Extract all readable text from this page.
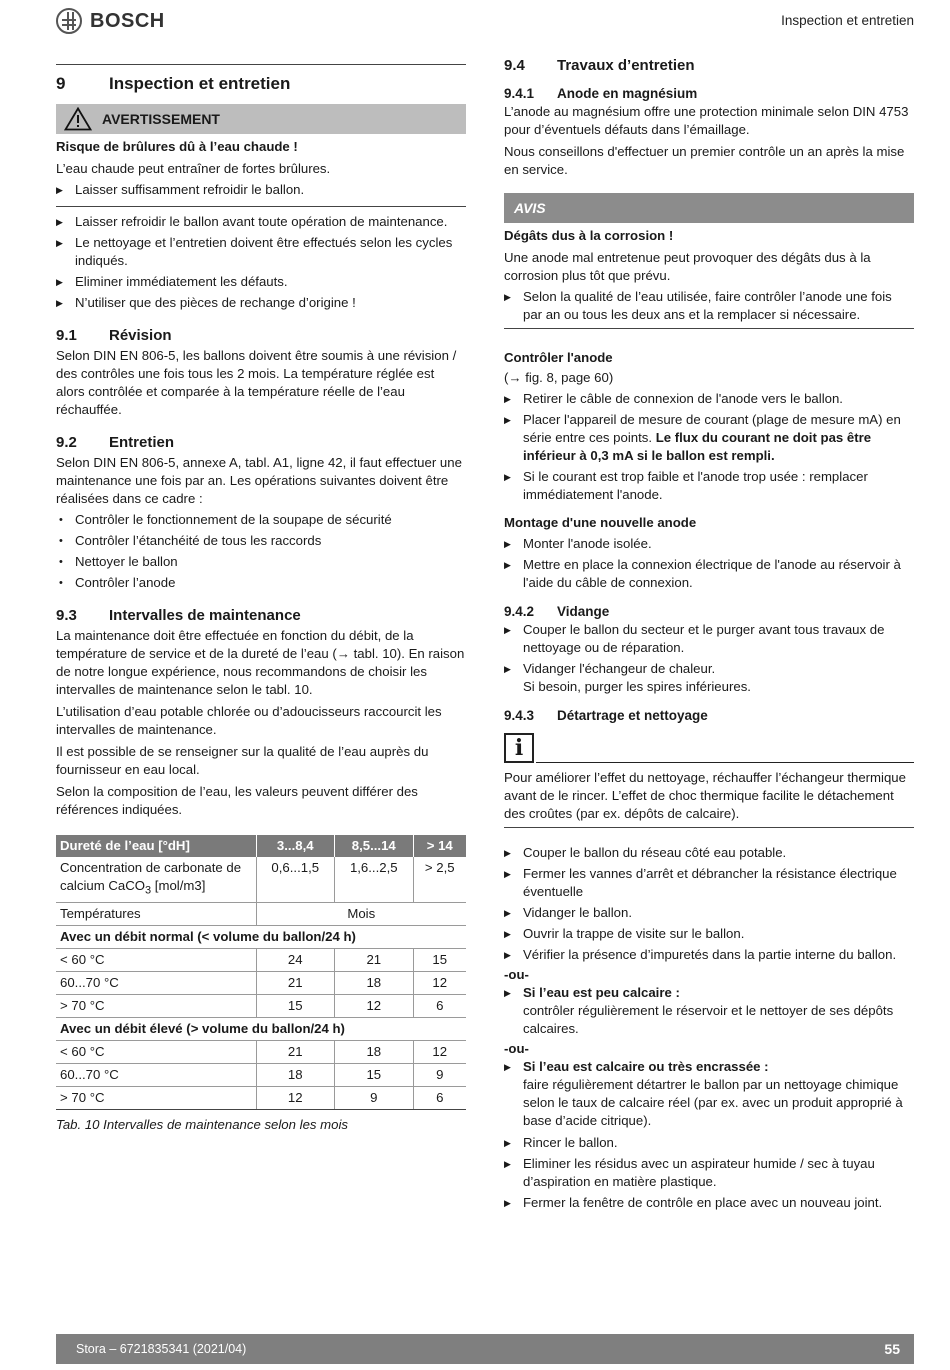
BOSCH	Inspection et entretien
9	Inspection et entretien
AVERTISSEMENT

Risque de brûlures dû à l’eau chaude !

L’eau chaude peut entraîner de fortes brûlures.

▶ Laisser suffisamment refroidir le ballon.
▶ Laisser refroidir le ballon avant toute opération de maintenance.
▶ Le nettoyage et l’entretien doivent être effectués selon les cycles indiqués.
▶ Eliminer immédiatement les défauts.
▶ N’utiliser que des pièces de rechange d’origine !
9.1	Révision

Selon DIN EN 806-5, les ballons doivent être soumis à une révision / des contrôles une fois tous les 2 mois. La température réglée est alors contrôlée et comparée à la température réelle de l’eau réchauffée.

9.2	Entretien

Selon DIN EN 806-5, annexe A, tabl. A1, ligne 42, il faut effectuer une maintenance une fois par an. Les opérations suivantes doivent être réalisées dans ce cadre :

• Contrôler le fonctionnement de la soupape de sécurité
• Contrôler l’étanchéité de tous les raccords
• Nettoyer le ballon
• Contrôler l’anode
9.3	Intervalles de maintenance

La maintenance doit être effectuée en fonction du débit, de la température de service et de la dureté de l’eau (→ tabl. 10). En raison de notre longue expérience, nous recommandons de choisir les intervalles de maintenance selon le tabl. 10.

L’utilisation d’eau potable chlorée ou d’adoucisseurs raccourcit les intervalles de maintenance.

Il est possible de se renseigner sur la qualité de l’eau auprès du fournisseur en eau local.

Selon la composition de l’eau, les valeurs peuvent différer des références indiquées.

Dureté de l’eau [°dH]	3...8,4	8,5...14	> 14
Concentration de carbonate de calcium CaCO$_3$ [mol/m3]	0,6...1,5	1,6...2,5	> 2,5
Températures	Mois		
Avec un débit normal (< volume du ballon/24 h)			
< 60 °C	24	21	15
60...70 °C	21	18	12
> 70 °C	15	12	6
Avec un débit élevé (> volume du ballon/24 h)			
< 60 °C	21	18	12
60...70 °C	18	15	9
> 70 °C	12	9	6

Tab. 10 Intervalles de maintenance selon les mois

9.4	Travaux d’entretien
9.4.1	Anode en magnésium

L’anode au magnésium offre une protection minimale selon DIN 4753 pour d’éventuels défauts dans l’émaillage.

Nous conseillons d'effectuer un premier contrôle un an après la mise en service.

AVIS

Dégâts dus à la corrosion !

Une anode mal entretenue peut provoquer des dégâts dus à la corrosion plus tôt que prévu.

▶ Selon la qualité de l’eau utilisée, faire contrôler l’anode une fois par an ou tous les deux ans et la remplacer si nécessaire.

Contrôler l'anode

(→ fig. 8, page 60)

▶ Retirer le câble de connexion de l'anode vers le ballon.
▶ Placer l'appareil de mesure de courant (plage de mesure mA) en série entre ces points. Le flux du courant ne doit pas être inférieur à 0,3 mA si le ballon est rempli.
▶ Si le courant est trop faible et l'anode trop usée : remplacer immédiatement l'anode.

Montage d'une nouvelle anode

▶ Monter l'anode isolée.
▶ Mettre en place la connexion électrique de l'anode au réservoir à l'aide du câble de connexion.
9.4.2	Vidange
▶ Couper le ballon du secteur et le purger avant tous travaux de nettoyage ou de réparation.
▶ Vidanger l'échangeur de chaleur.
Si besoin, purger les spires inférieures.
9.4.3	Détartrage et nettoyage
i

Pour améliorer l’effet du nettoyage, réchauffer l’échangeur thermique avant de le rincer. L’effet de choc thermique facilite le détachement des croûtes (par ex. dépôts de calcaire).

▶ Couper le ballon du réseau côté eau potable.
▶ Fermer les vannes d’arrêt et débrancher la résistance électrique éventuelle
▶ Vidanger le ballon.
▶ Ouvrir la trappe de visite sur le ballon.
▶ Vérifier la présence d’impuretés dans la partie interne du ballon.

-ou-

▶ Si l’eau est peu calcaire :
contrôler régulièrement le réservoir et le nettoyer de ses dépôts calcaires.

-ou-

▶ Si l’eau est calcaire ou très encrassée :
faire régulièrement détartrer le ballon par un nettoyage chimique selon le taux de calcaire réel (par ex. avec un produit approprié à base d’acide citrique).
▶ Rincer le ballon.
▶ Eliminer les résidus avec un aspirateur humide / sec à tuyau d’aspiration en matière plastique.
▶ Fermer la fenêtre de contrôle en place avec un nouveau joint.
Stora – 6721835341 (2021/04)	55
